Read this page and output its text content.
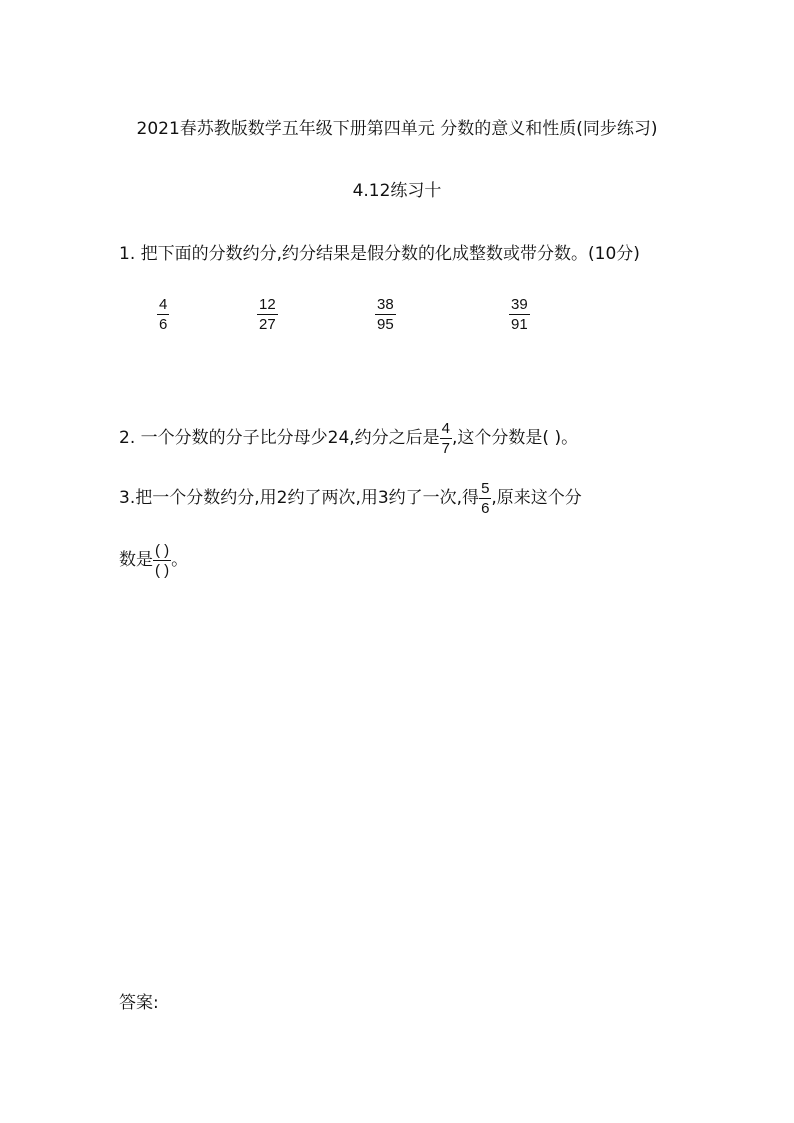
2021春苏教版数学五年级下册第四单元 分数的意义和性质(同步练习)
4.12练习十
1. 把下面的分数约分,约分结果是假分数的化成整数或带分数。(10分)
4
6
12
27
38
95
39
91
2. 一个分数的分子比分母少24,约分之后是 $\frac{4}{7}$ ,这个分数是( )。
3.把一个分数约分,用2约了两次,用3约了一次,得 $\frac{5}{6}$ ,原来这个分
数是 $\frac{( )}{( )}$ 。
答案:
